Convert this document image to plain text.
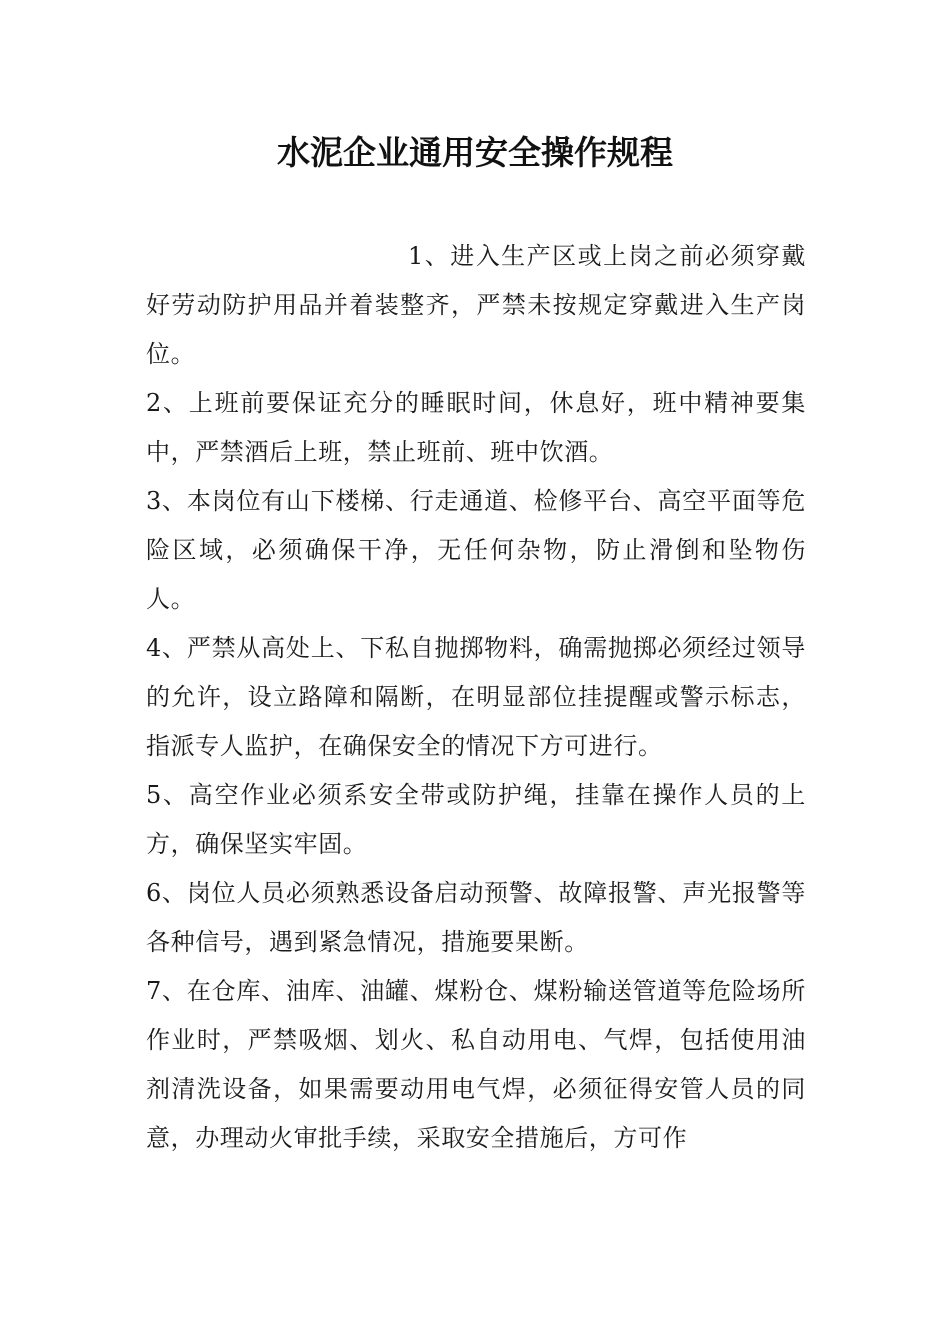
水泥企业通用安全操作规程

1、进入生产区或上岗之前必须穿戴好劳动防护用品并着装整齐，严禁未按规定穿戴进入生产岗位。

2、上班前要保证充分的睡眠时间，休息好，班中精神要集中，严禁酒后上班，禁止班前、班中饮酒。

3、本岗位有山下楼梯、行走通道、检修平台、高空平面等危险区域，必须确保干净，无任何杂物，防止滑倒和坠物伤人。

4、严禁从高处上、下私自抛掷物料，确需抛掷必须经过领导的允许，设立路障和隔断，在明显部位挂提醒或警示标志，指派专人监护，在确保安全的情况下方可进行。

5、高空作业必须系安全带或防护绳，挂靠在操作人员的上方，确保坚实牢固。

6、岗位人员必须熟悉设备启动预警、故障报警、声光报警等各种信号，遇到紧急情况，措施要果断。

7、在仓库、油库、油罐、煤粉仓、煤粉输送管道等危险场所作业时，严禁吸烟、划火、私自动用电、气焊，包括使用油剂清洗设备，如果需要动用电气焊，必须征得安管人员的同意，办理动火审批手续，采取安全措施后，方可作
